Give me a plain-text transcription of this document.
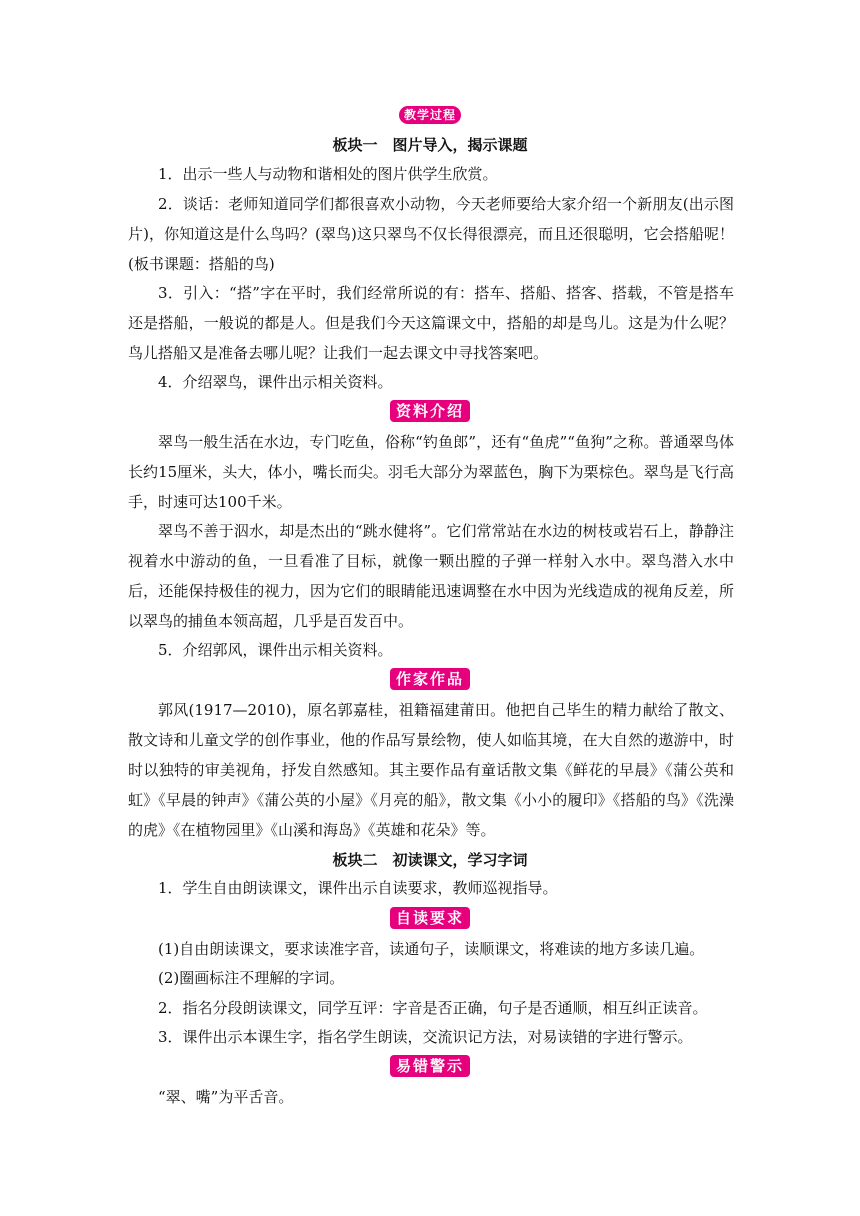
教学过程
板块一　图片导入，揭示课题
1．出示一些人与动物和谐相处的图片供学生欣赏。
2．谈话：老师知道同学们都很喜欢小动物，今天老师要给大家介绍一个新朋友(出示图片)，你知道这是什么鸟吗？(翠鸟)这只翠鸟不仅长得很漂亮，而且还很聪明，它会搭船呢！(板书课题：搭船的鸟)
3．引入：“搭”字在平时，我们经常所说的有：搭车、搭船、搭客、搭载，不管是搭车还是搭船，一般说的都是人。但是我们今天这篇课文中，搭船的却是鸟儿。这是为什么呢？鸟儿搭船又是准备去哪儿呢？让我们一起去课文中寻找答案吧。
4．介绍翠鸟，课件出示相关资料。
资料介绍
翠鸟一般生活在水边，专门吃鱼，俗称“钓鱼郎”，还有“鱼虎”“鱼狗”之称。普通翠鸟体长约15厘米，头大，体小，嘴长而尖。羽毛大部分为翠蓝色，胸下为栗棕色。翠鸟是飞行高手，时速可达100千米。
翠鸟不善于泅水，却是杰出的“跳水健将”。它们常常站在水边的树枝或岩石上，静静注视着水中游动的鱼，一旦看准了目标，就像一颗出膛的子弹一样射入水中。翠鸟潜入水中后，还能保持极佳的视力，因为它们的眼睛能迅速调整在水中因为光线造成的视角反差，所以翠鸟的捕鱼本领高超，几乎是百发百中。
5．介绍郭风，课件出示相关资料。
作家作品
郭风(1917—2010)，原名郭嘉桂，祖籍福建莆田。他把自己毕生的精力献给了散文、散文诗和儿童文学的创作事业，他的作品写景绘物，使人如临其境，在大自然的遨游中，时时以独特的审美视角，抒发自然感知。其主要作品有童话散文集《鲜花的早晨》《蒲公英和虹》《早晨的钟声》《蒲公英的小屋》《月亮的船》，散文集《小小的履印》《搭船的鸟》《洗澡的虎》《在植物园里》《山溪和海岛》《英雄和花朵》等。
板块二　初读课文，学习字词
1．学生自由朗读课文，课件出示自读要求，教师巡视指导。
自读要求
(1)自由朗读课文，要求读准字音，读通句子，读顺课文，将难读的地方多读几遍。
(2)圈画标注不理解的字词。
2．指名分段朗读课文，同学互评：字音是否正确，句子是否通顺，相互纠正读音。
3．课件出示本课生字，指名学生朗读，交流识记方法，对易读错的字进行警示。
易错警示
“翠、嘴”为平舌音。
